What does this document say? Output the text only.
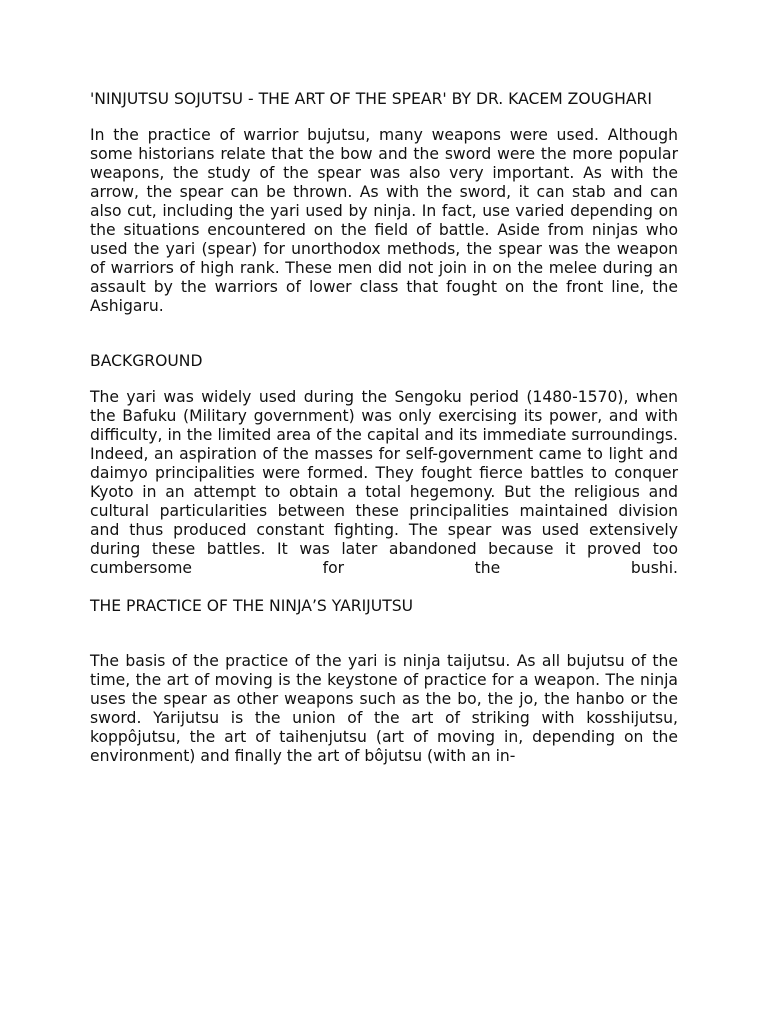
'NINJUTSU SOJUTSU - THE ART OF THE SPEAR' BY DR. KACEM ZOUGHARI

In the practice of warrior bujutsu, many weapons were used. Although some historians relate that the bow and the sword were the more popular weapons, the study of the spear was also very important. As with the arrow, the spear can be thrown. As with the sword, it can stab and can also cut, including the yari used by ninja. In fact, use varied depending on the situations encountered on the field of battle. Aside from ninjas who used the yari (spear) for unorthodox methods, the spear was the weapon of warriors of high rank. These men did not join in on the melee during an assault by the warriors of lower class that fought on the front line, the Ashigaru.

BACKGROUND

The yari was widely used during the Sengoku period (1480-1570), when the Bafuku (Military government) was only exercising its power, and with difficulty, in the limited area of the capital and its immediate surroundings. Indeed, an aspiration of the masses for self-government came to light and daimyo principalities were formed. They fought fierce battles to conquer Kyoto in an attempt to obtain a total hegemony. But the religious and cultural particularities between these principalities maintained division and thus produced constant fighting. The spear was used extensively during these battles. It was later abandoned because it proved too cumbersome for the	bushi.

THE PRACTICE OF THE NINJA’S YARIJUTSU

The basis of the practice of the yari is ninja taijutsu. As all bujutsu of the time, the art of moving is the keystone of practice for a weapon. The ninja uses the spear as other weapons such as the bo, the jo, the hanbo or the sword. Yarijutsu is the union of the art of striking with kosshijutsu, koppôjutsu, the art of taihenjutsu (art of moving in, depending on the environment) and finally the art of bôjutsu (with an in-
